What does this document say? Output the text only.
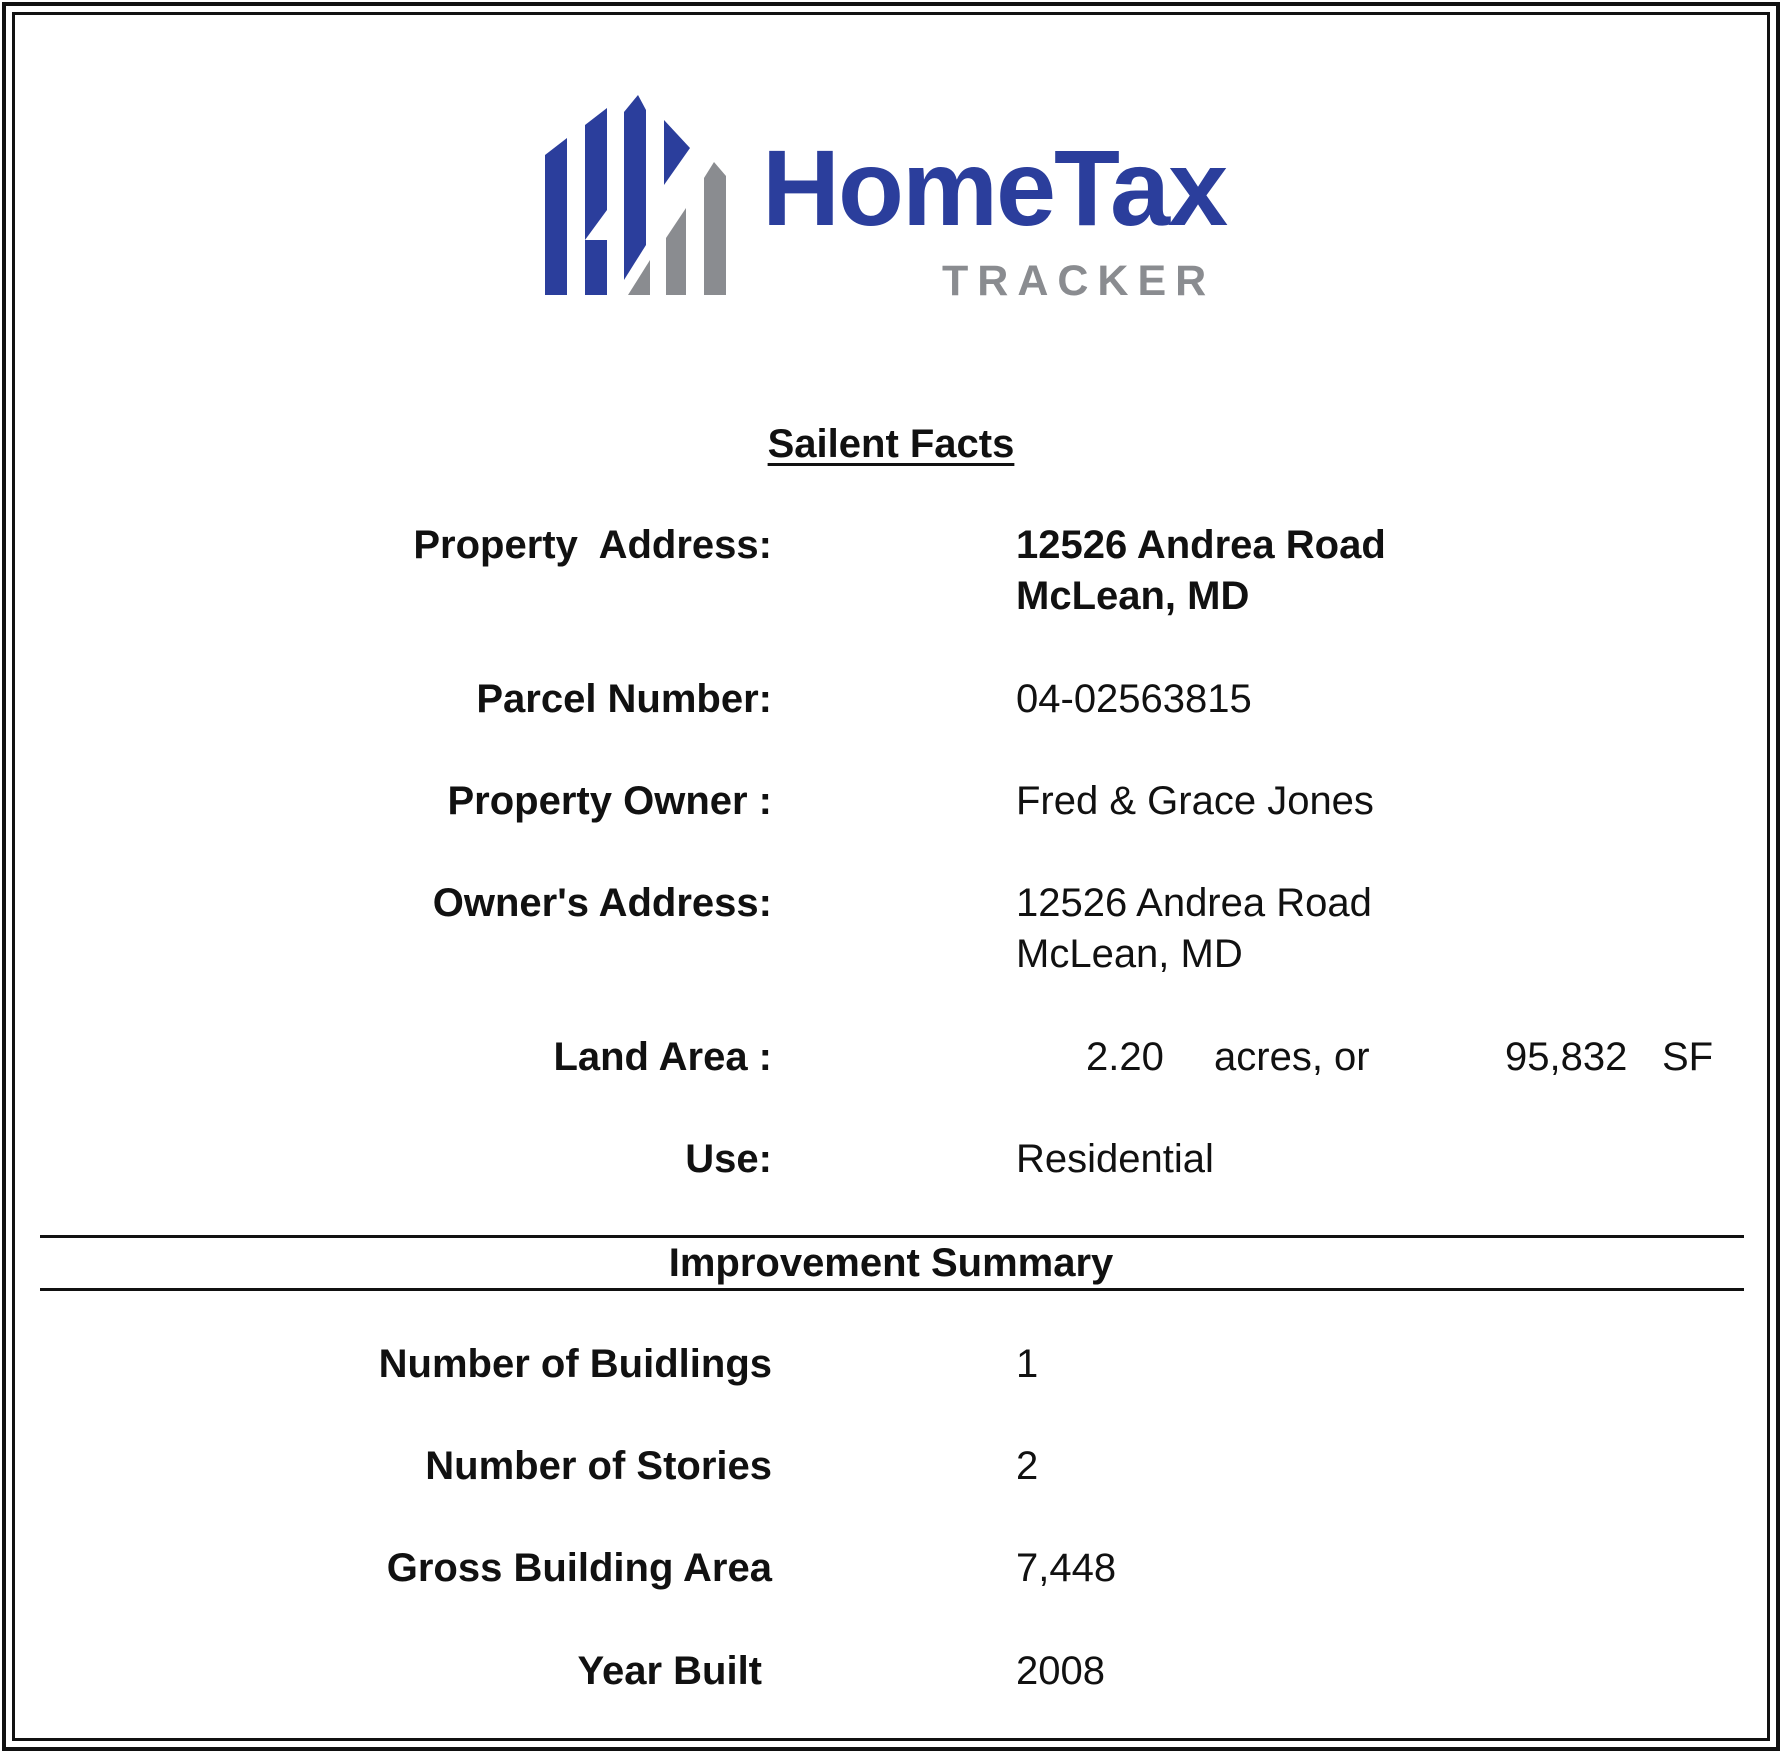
HomeTax
TRACKER
Sailent Facts
Property  Address:	12526 Andrea Road
McLean, MD
Parcel Number:	04-02563815
Property Owner :	Fred & Grace Jones
Owner's Address:	12526 Andrea Road
McLean, MD
Land Area :	2.20 acres, or	95,832 SF
Use:	Residential
Improvement Summary
Number of Buidlings	1
Number of Stories	2
Gross Building Area	7,448
Year Built	2008
